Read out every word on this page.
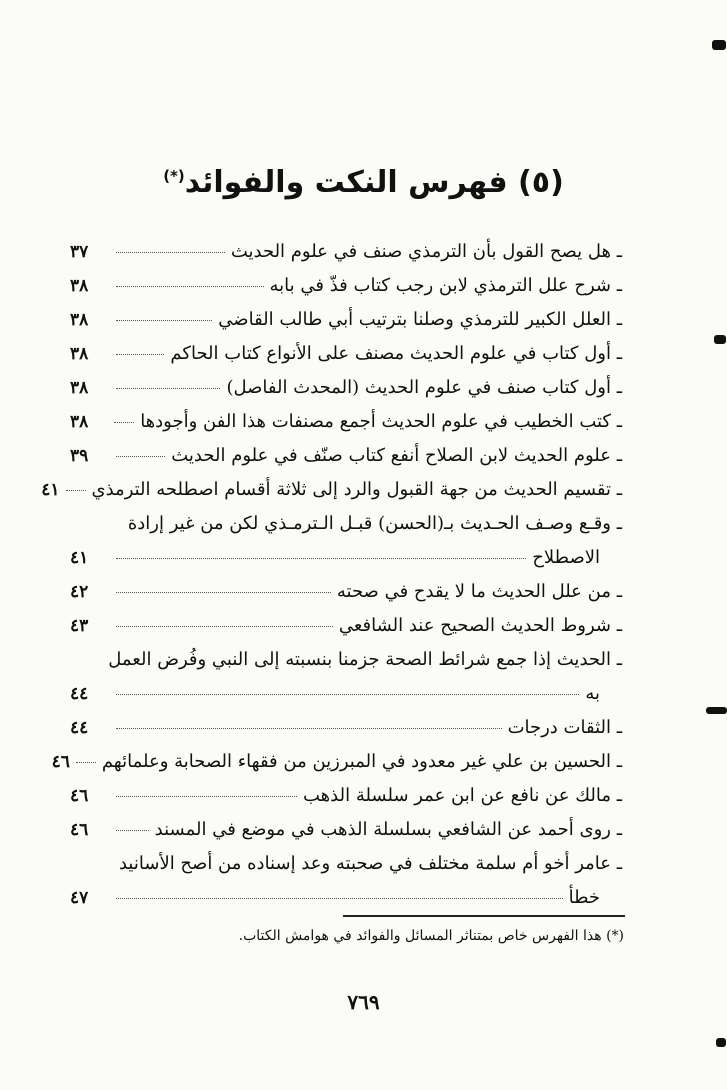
(٥) فهرس النكت والفوائد(*)
ـ هل يصح القول بأن الترمذي صنف في علوم الحديث
٣٧
ـ شرح علل الترمذي لابن رجب كتاب فذّ في بابه
٣٨
ـ العلل الكبير للترمذي وصلنا بترتيب أبي طالب القاضي
٣٨
ـ أول كتاب في علوم الحديث مصنف على الأنواع كتاب الحاكم
٣٨
ـ أول كتاب صنف في علوم الحديث (المحدث الفاصل)
٣٨
ـ كتب الخطيب في علوم الحديث أجمع مصنفات هذا الفن وأجودها
٣٨
ـ علوم الحديث لابن الصلاح أنفع كتاب صنّف في علوم الحديث
٣٩
ـ تقسيم الحديث من جهة القبول والرد إلى ثلاثة أقسام اصطلحه الترمذي
٤١
ـ وقـع وصـف الحـديث بـ(الحسن) قبـل الـترمـذي لكن من غير إرادة
الاصطلاح
٤١
ـ من علل الحديث ما لا يقدح في صحته
٤٢
ـ شروط الحديث الصحيح عند الشافعي
٤٣
ـ الحديث إذا جمع شرائط الصحة جزمنا بنسبته إلى النبي وفُرض العمل
به
٤٤
ـ الثقات درجات
٤٤
ـ الحسين بن علي غير معدود في المبرزين من فقهاء الصحابة وعلمائهم
٤٦
ـ مالك عن نافع عن ابن عمر سلسلة الذهب
٤٦
ـ روى أحمد عن الشافعي بسلسلة الذهب في موضع في المسند
٤٦
ـ عامر أخو أم سلمة مختلف في صحبته وعد إسناده من أصح الأسانيد
خطأ
٤٧
(*) هذا الفهرس خاص بمتناثر المسائل والفوائد في هوامش الكتاب.
٧٦٩
